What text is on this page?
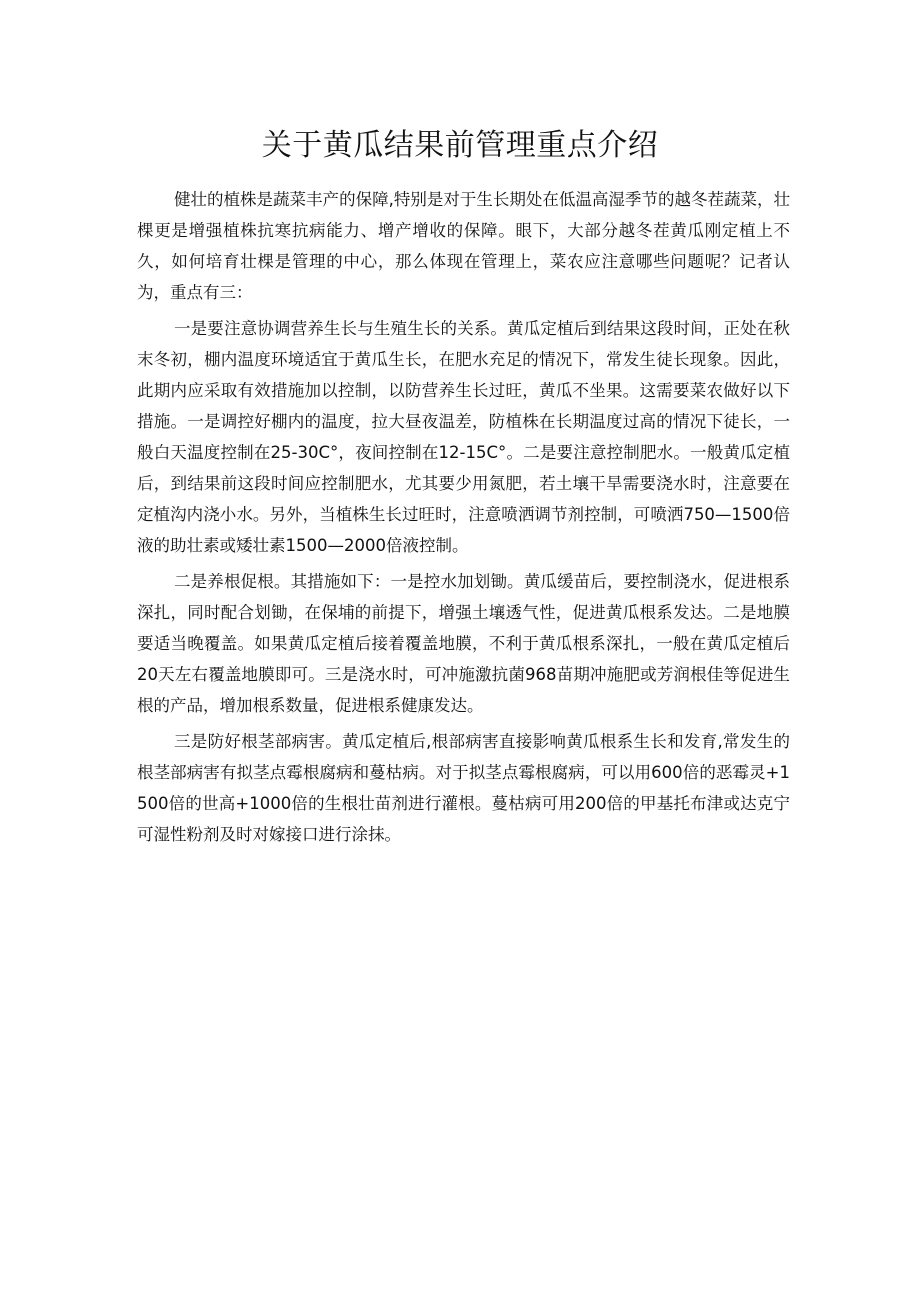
关于黄瓜结果前管理重点介绍

健壮的植株是蔬菜丰产的保障,特别是对于生长期处在低温高湿季节的越冬茬蔬菜，壮棵更是增强植株抗寒抗病能力、增产增收的保障。眼下，大部分越冬茬黄瓜刚定植上不久，如何培育壮棵是管理的中心，那么体现在管理上，菜农应注意哪些问题呢？记者认为，重点有三：

一是要注意协调营养生长与生殖生长的关系。黄瓜定植后到结果这段时间，正处在秋末冬初，棚内温度环境适宜于黄瓜生长，在肥水充足的情况下，常发生徒长现象。因此，此期内应采取有效措施加以控制，以防营养生长过旺，黄瓜不坐果。这需要菜农做好以下措施。一是调控好棚内的温度，拉大昼夜温差，防植株在长期温度过高的情况下徒长，一般白天温度控制在25-30C°，夜间控制在12-15C°。二是要注意控制肥水。一般黄瓜定植后，到结果前这段时间应控制肥水，尤其要少用氮肥，若土壤干旱需要浇水时，注意要在定植沟内浇小水。另外，当植株生长过旺时，注意喷洒调节剂控制，可喷洒750—1500倍液的助壮素或矮壮素1500—2000倍液控制。

二是养根促根。其措施如下：一是控水加划锄。黄瓜缓苗后，要控制浇水，促进根系深扎，同时配合划锄，在保埔的前提下，增强土壤透气性，促进黄瓜根系发达。二是地膜要适当晚覆盖。如果黄瓜定植后接着覆盖地膜，不利于黄瓜根系深扎，一般在黄瓜定植后20天左右覆盖地膜即可。三是浇水时，可冲施激抗菌968苗期冲施肥或芳润根佳等促进生根的产品，增加根系数量，促进根系健康发达。

三是防好根茎部病害。黄瓜定植后,根部病害直接影响黄瓜根系生长和发育,常发生的根茎部病害有拟茎点霉根腐病和蔓枯病。对于拟茎点霉根腐病，可以用600倍的恶霉灵+1500倍的世高+1000倍的生根壮苗剂进行灌根。蔓枯病可用200倍的甲基托布津或达克宁可湿性粉剂及时对嫁接口进行涂抹。
